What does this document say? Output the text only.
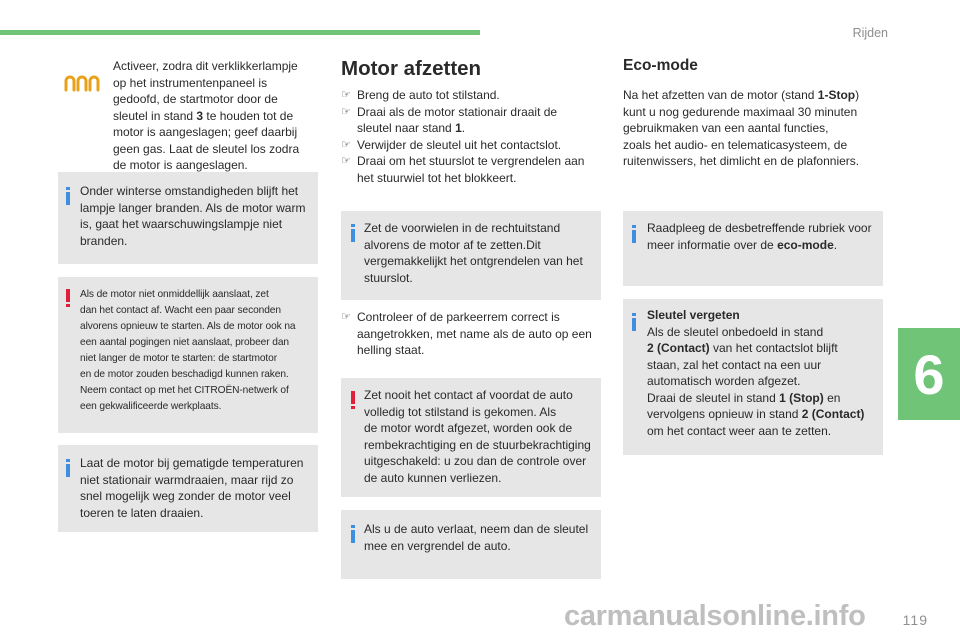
Rijden
6
119
carmanualsonline.info
Activeer, zodra dit verklikkerlampje
op het instrumentenpaneel is
gedoofd, de startmotor door de
sleutel in stand 3 te houden tot de
motor is aangeslagen; geef daarbij
geen gas. Laat de sleutel los zodra
de motor is aangeslagen.
Onder winterse omstandigheden blijft het
lampje langer branden. Als de motor warm
is, gaat het waarschuwingslampje niet
branden.
Als de motor niet onmiddellijk aanslaat, zet
dan het contact af. Wacht een paar seconden
alvorens opnieuw te starten. Als de motor ook na
een aantal pogingen niet aanslaat, probeer dan
niet langer de motor te starten: de startmotor
en de motor zouden beschadigd kunnen raken.
Neem contact op met het CITROËN-netwerk of
een gekwalificeerde werkplaats.
Laat de motor bij gematigde temperaturen
niet stationair warmdraaien, maar rijd zo
snel mogelijk weg zonder de motor veel
toeren te laten draaien.
Motor afzetten
☞ Breng de auto tot stilstand.
☞ Draai als de motor stationair draait de
sleutel naar stand 1.
☞ Verwijder de sleutel uit het contactslot.
☞ Draai om het stuurslot te vergrendelen aan
het stuurwiel tot het blokkeert.
Zet de voorwielen in de rechtuitstand
alvorens de motor af te zetten.Dit
vergemakkelijkt het ontgrendelen van het
stuurslot.
☞ Controleer of de parkeerrem correct is
aangetrokken, met name als de auto op een
helling staat.
Zet nooit het contact af voordat de auto
volledig tot stilstand is gekomen. Als
de motor wordt afgezet, worden ook de
rembekrachtiging en de stuurbekrachtiging
uitgeschakeld: u zou dan de controle over
de auto kunnen verliezen.
Als u de auto verlaat, neem dan de sleutel
mee en vergrendel de auto.
Eco-mode
Na het afzetten van de motor (stand 1-Stop)
kunt u nog gedurende maximaal 30 minuten
gebruikmaken van een aantal functies,
zoals het audio- en telematicasysteem, de
ruitenwissers, het dimlicht en de plafonniers.
Raadpleeg de desbetreffende rubriek voor
meer informatie over de eco-mode.
Sleutel vergeten
Als de sleutel onbedoeld in stand
2 (Contact) van het contactslot blijft
staan, zal het contact na een uur
automatisch worden afgezet.
Draai de sleutel in stand 1 (Stop) en
vervolgens opnieuw in stand 2 (Contact)
om het contact weer aan te zetten.
